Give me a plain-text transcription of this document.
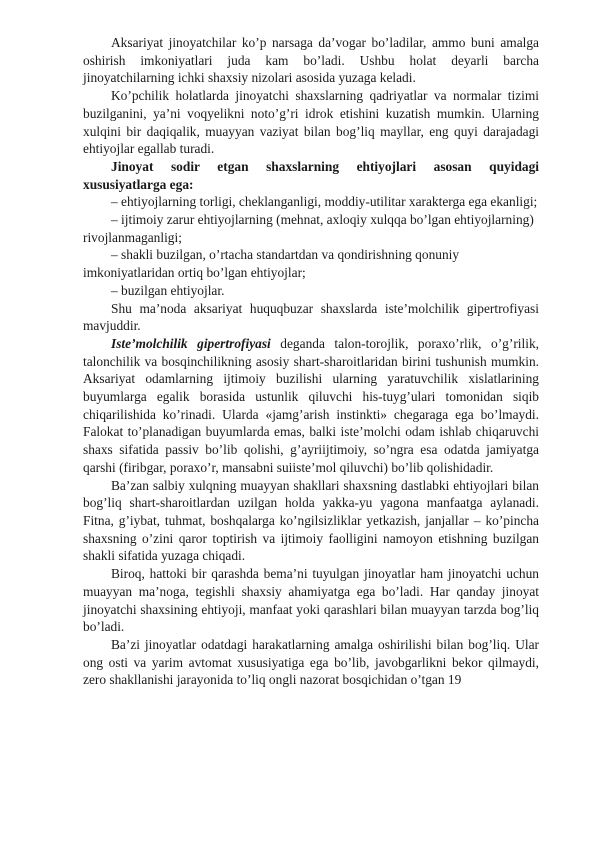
Aksariyat jinoyatchilar ko’p narsaga da’vogar bo’ladilar, ammo buni amalga oshirish imkoniyatlari juda kam bo’ladi. Ushbu holat deyarli barcha jinoyatchilarning ichki shaxsiy nizolari asosida yuzaga keladi.

Ko’pchilik holatlarda jinoyatchi shaxslarning qadriyatlar va normalar tizimi buzilganini, ya’ni voqyelikni noto’g’ri idrok etishini kuzatish mumkin. Ularning xulqini bir daqiqalik, muayyan vaziyat bilan bog’liq mayllar, eng quyi darajadagi ehtiyojlar egallab turadi.

Jinoyat sodir etgan shaxslarning ehtiyojlari asosan quyidagi xususiyatlarga ega:

‒ ehtiyojlarning torligi, cheklanganligi, moddiy-utilitar xarakterga ega ekanligi;

‒ ijtimoiy zarur ehtiyojlarning (mehnat, axloqiy xulqqa bo’lgan ehtiyojlarning) rivojlanmaganligi;

‒ shakli buzilgan, o’rtacha standartdan va qondirishning qonuniy imkoniyatlaridan ortiq bo’lgan ehtiyojlar;

‒ buzilgan ehtiyojlar.

Shu ma’noda aksariyat huquqbuzar shaxslarda iste’molchilik gipertrofiyasi mavjuddir.

Iste’molchilik gipertrofiyasi deganda talon-torojlik, poraxo’rlik, o’g’rilik, talonchilik va bosqinchilikning asosiy shart-sharoitlaridan birini tushunish mumkin. Aksariyat odamlarning ijtimoiy buzilishi ularning yaratuvchilik xislatlarining buyumlarga egalik borasida ustunlik qiluvchi his-tuyg’ulari tomonidan siqib chiqarilishida ko’rinadi. Ularda «jamg’arish instinkti» chegaraga ega bo’lmaydi. Falokat to’planadigan buyumlarda emas, balki iste’molchi odam ishlab chiqaruvchi shaxs sifatida passiv bo’lib qolishi, g’ayriijtimoiy, so’ngra esa odatda jamiyatga qarshi (firibgar, poraxo’r, mansabni suiiste’mol qiluvchi) bo’lib qolishidadir.

Ba’zan salbiy xulqning muayyan shakllari shaxsning dastlabki ehtiyojlari bilan bog’liq shart-sharoitlardan uzilgan holda yakka-yu yagona manfaatga aylanadi. Fitna, g’iybat, tuhmat, boshqalarga ko’ngilsizliklar yetkazish, janjallar ‒ ko’pincha shaxsning o’zini qaror toptirish va ijtimoiy faolligini namoyon etishning buzilgan shakli sifatida yuzaga chiqadi.

Biroq, hattoki bir qarashda bema’ni tuyulgan jinoyatlar ham jinoyatchi uchun muayyan ma’noga, tegishli shaxsiy ahamiyatga ega bo’ladi. Har qanday jinoyat jinoyatchi shaxsining ehtiyoji, manfaat yoki qarashlari bilan muayyan tarzda bog’liq bo’ladi.

Ba’zi jinoyatlar odatdagi harakatlarning amalga oshirilishi bilan bog’liq. Ular ong osti va yarim avtomat xususiyatiga ega bo’lib, javobgarlikni bekor qilmaydi, zero shakllanishi jarayonida to’liq ongli nazorat bosqichidan o’tgan 19
